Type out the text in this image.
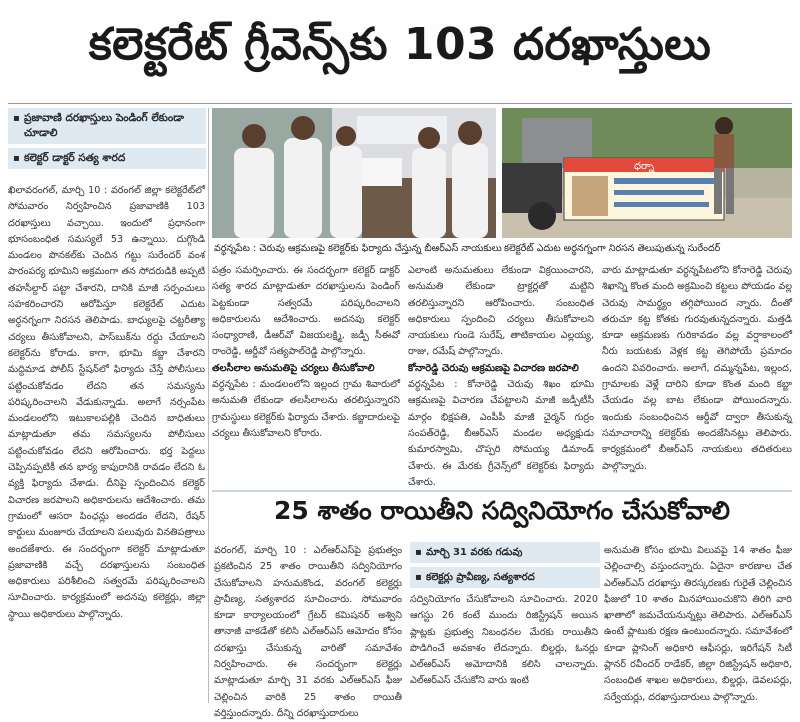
కలెక్టరేట్ గ్రీవెన్స్‌కు 103 దరఖాస్తులు
▪ ప్రజావాణి దరఖాస్తులు పెండింగ్ లేకుండా చూడాలి
▪ కలెక్టర్ డాక్టర్ సత్య శారద
ఖిలావరంగల్, మార్చి 10 : వరంగల్ జిల్లా కలెక్టరేట్‌లో సోమవారం నిర్వహించిన ప్రజావాణికి 103 దరఖాస్తులు వచ్చాయి. ఇందులో ప్రధానంగా భూసంబంధిత సమస్యలే 53 ఉన్నాయి. దుగ్గొండి మండలం పొనకల్‌కు చెందిన గట్టు సురేందర్ వంశ పారంపర్య భూమిని అక్రమంగా తన సోదరుడికి అప్పటి తహసీల్దార్ పట్టా చేశారని, దానికి మాజీ సర్పంచులు సహకరించారని ఆరోపిస్తూ కలెక్టరేట్ ఎదుట అర్ధనగ్నంగా నిరసన తెలిపాడు. బాధ్యులపై చట్టరీత్యా చర్యలు తీసుకోవాలని, పాస్‌బుక్‌ను రద్దు చేయాలని కలెక్టర్‌ను కోరాడు. కాగా, భూమి కబ్జా చేశారని మద్దిమాడ పోలీస్ స్టేషన్‌లో ఫిర్యాదు చేస్తే పోలీసులు పట్టించుకోవడం లేదని తన సమస్యను పరిష్కరించాలని వేడుకున్నాడు. అలాగే నర్సంపేట మండలంలోని ఇటుకాలపల్లికి చెందిన బాధితులు మాట్లాడుతూ తమ సమస్యలను పోలీసులు పట్టించుకోవడం లేదని ఆరోపించారు. భర్త పెద్దలు చెప్పినప్పటికీ తన భార్య కాపురానికి రావడం లేదని ఓ వ్యక్తి ఫిర్యాదు చేశాడు. దీనిపై స్పందించిన కలెక్టర్ విచారణ జరపాలని అధికారులను ఆదేశించారు. తమ గ్రామంలో ఆసరా పింఛన్లు అందడం లేదని, రేషన్ కార్డులు మంజూరు చేయాలని పలువురు వినతిపత్రాలు అందజేశారు. ఈ సందర్భంగా కలెక్టర్ మాట్లాడుతూ ప్రజావాణికి వచ్చే దరఖాస్తులను సంబంధిత అధికారులు పరిశీలించి సత్వరమే పరిష్కరించాలని సూచించారు. కార్యక్రమంలో అదనపు కలెక్టర్లు, జిల్లా స్థాయి అధికారులు పాల్గొన్నారు.
ధర్నా
వర్ధన్నపేట : చెరువు ఆక్రమణపై కలెక్టర్‌కు ఫిర్యాదు చేస్తున్న బీఆర్‌ఎస్ నాయకులు కలెక్టరేట్ ఎదుట అర్ధనగ్నంగా నిరసన తెలుపుతున్న సురేందర్
పత్రం సమర్పించారు. ఈ సందర్భంగా కలెక్టర్ డాక్టర్ సత్య శారద మాట్లాడుతూ దరఖాస్తులను పెండింగ్ పెట్టకుండా సత్వరమే పరిష్కరించాలని అధికారులను ఆదేశించారు. అదనపు కలెక్టర్ సంధ్యారాణి, డీఆర్‌వో విజయలక్ష్మి, జడ్పీ సీఈవో రాంరెడ్డి, ఆర్డీవో సత్యపాల్‌రెడ్డి పాల్గొన్నారు.
తలసీలాల అనుమతిపై చర్యలు తీసుకోవాలి
వర్ధన్నపేట : మండలంలోని ఇల్లంద గ్రామ శివారులో అనుమతి లేకుండా తలసీలాలను తరలిస్తున్నారని గ్రామస్థులు కలెక్టర్‌కు ఫిర్యాదు చేశారు. కబ్జాదారులపై చర్యలు తీసుకోవాలని కోరారు.
ఎలాంటి అనుమతులు లేకుండా విక్రయించారని, అనుమతి లేకుండా ట్రాక్టర్లతో మట్టిని తరలిస్తున్నారని ఆరోపించారు. సంబంధిత అధికారులు స్పందించి చర్యలు తీసుకోవాలని నాయకులు గుండె సురేష్, తాటికాయల ఎల్లయ్య, రాజు, రమేష్ పాల్గొన్నారు.
కోనారెడ్డి చెరువు ఆక్రమణపై విచారణ జరపాలి
వర్ధన్నపేట : కోనారెడ్డి చెరువు శిఖం భూమి ఆక్రమణపై విచారణ చేపట్టాలని మాజీ జడ్పీటీసీ మార్గం భిక్షపతి, ఎంపీపీ మాజీ చైర్మన్ గుర్రం సంపత్‌రెడ్డి, బీఆర్‌ఎస్ మండల అధ్యక్షుడు కుమారస్వామి, చొప్పరి సోమయ్య డిమాండ్ చేశారు. ఈ మేరకు గ్రీవెన్స్‌లో కలెక్టర్‌కు ఫిర్యాదు చేశారు.
వారు మాట్లాడుతూ వర్ధన్నపేటలోని కోనారెడ్డి చెరువు శిఖాన్ని కొంత మంది అక్రమించి కట్టలు పోయడం వల్ల చెరువు సామర్థ్యం తగ్గిపోయింద న్నారు. దీంతో తరుచూ కట్ట కోతకు గురవుతున్నదన్నారు. మత్తడి కూడా ఆక్రమణకు గురికావడం వల్ల వర్షాకాలంలో నీరు బయటకు వెళ్లక కట్ట తెగిపోయే ప్రమాదం ఉందని వివరించారు. అలాగే, దమ్మన్నపేట, ఇల్లంద, గ్రామాలకు వెళ్లే దారిని కూడా కొంత మంది కబ్జా చేయడం వల్ల బాట లేకుండా పోయిందన్నారు. ఇందుకు సంబంధించిన ఆర్డీవో ద్వారా తీసుకున్న సమాచారాన్ని కలెక్టర్‌కు అందజేసినట్లు తెలిపారు. కార్యక్రమంలో బీఆర్‌ఎస్ నాయకులు తదితరులు పాల్గొన్నారు.
25 శాతం రాయితీని సద్వినియోగం చేసుకోవాలి
వరంగల్, మార్చి 10 : ఎల్‌ఆర్‌ఎస్‌పై ప్రభుత్వం ప్రకటించిన 25 శాతం రాయితీని సద్వినియోగం చేసుకోవాలని హనుమకొండ, వరంగల్ కలెక్టర్లు ప్రావీణ్య, సత్యశారద సూచించారు. సోమవారం కూడా కార్యాలయంలో గ్రేటర్ కమిషనర్ అశ్విని తానాజీ వాకడేతో కలిసి ఎల్‌ఆర్‌ఎస్ ఆమోదం కోసం దరఖాస్తు చేసుకున్న వారితో సమావేశం నిర్వహించారు. ఈ సందర్భంగా కలెక్టర్లు మాట్లాడుతూ మార్చి 31 వరకు ఎల్‌ఆర్‌ఎస్ ఫీజు చెల్లించిన వారికి 25 శాతం రాయితీ వర్తిస్తుందన్నారు. దీన్ని దరఖాస్తుదారులు
▪ మార్చి 31 వరకు గడువు
▪ కలెక్టర్లు ప్రావీణ్య, సత్యశారద
సద్వినియోగం చేసుకోవాలని సూచించారు. 2020 ఆగస్టు 26 కంటే ముందు రిజిస్ట్రేషన్ అయిన ప్లాట్లకు ప్రభుత్వ నిబంధనల మేరకు రాయితీని పొడిగించే అవకాశం లేదన్నారు. బిల్డర్లు, ఓనర్లు ఎల్‌ఆర్‌ఎస్ అమోదానికి కలిసి చాలన్నారు. ఎల్‌ఆర్‌ఎస్ చేసుకోని వారు ఇంటి
అనుమతి కోసం భూమి విలువపై 14 శాతం ఫీజు చెల్లించాల్సి వస్తుందన్నారు. ఏదైనా కారణాల చేత ఎల్‌ఆర్‌ఎస్ దరఖాస్తు తిరస్కరణకు గురైతే చెల్లించిన ఫీజులో 10 శాతం మినహాయించుకొని తిరిగి వారి ఖాతాలో జమచేయనున్నట్లు తెలిపారు. ఎల్‌ఆర్‌ఎస్ ఉంటే ప్లాటుకు రక్షణ ఉంటుందన్నారు. సమావేశంలో కూడా ప్లానింగ్ అధికారి ఆఫీసర్లు, ఇరిగేషన్ సిటీ ప్లానర్ రవీందర్ రాడేకర్, జిల్లా రిజిస్ట్రేషన్ అధికారి, సంబంధిత శాఖల అధికారులు, బిల్డర్లు, డెవలపర్లు, సర్వేయర్లు, దరఖాస్తుదారులు పాల్గొన్నారు.
